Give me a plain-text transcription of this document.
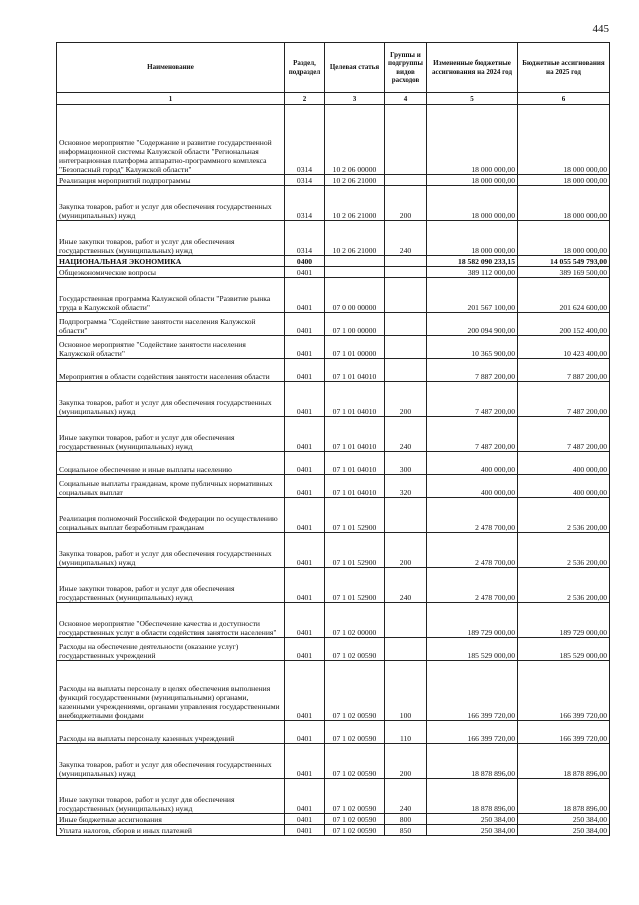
445
Наименование	Раздел, подраздел	Целевая статья	Группы и подгруппы видов расходов	Измененные бюджетные ассигнования на 2024 год	Бюджетные ассигнования на 2025 год
1	2	3	4	5	6
Основное мероприятие "Содержание и развитие государственной информационной системы Калужской области "Региональная интеграционная платформа аппаратно-программного комплекса "Безопасный город" Калужской области"	0314	10 2 06 00000		18 000 000,00	18 000 000,00
Реализация мероприятий подпрограммы	0314	10 2 06 21000		18 000 000,00	18 000 000,00
Закупка товаров, работ и услуг для обеспечения государственных (муниципальных) нужд	0314	10 2 06 21000	200	18 000 000,00	18 000 000,00
Иные закупки товаров, работ и услуг для обеспечения государственных (муниципальных) нужд	0314	10 2 06 21000	240	18 000 000,00	18 000 000,00
НАЦИОНАЛЬНАЯ ЭКОНОМИКА	0400			18 582 090 233,15	14 055 549 793,00
Общеэкономические вопросы	0401			389 112 000,00	389 169 500,00
Государственная программа Калужской области "Развитие рынка труда в Калужской области"	0401	07 0 00 00000		201 567 100,00	201 624 600,00
Подпрограмма "Содействие занятости населения Калужской области"	0401	07 1 00 00000		200 094 900,00	200 152 400,00
Основное мероприятие "Содействие занятости населения Калужской области"	0401	07 1 01 00000		10 365 900,00	10 423 400,00
Мероприятия в области содействия занятости населения области	0401	07 1 01 04010		7 887 200,00	7 887 200,00
Закупка товаров, работ и услуг для обеспечения государственных (муниципальных) нужд	0401	07 1 01 04010	200	7 487 200,00	7 487 200,00
Иные закупки товаров, работ и услуг для обеспечения государственных (муниципальных) нужд	0401	07 1 01 04010	240	7 487 200,00	7 487 200,00
Социальное обеспечение и иные выплаты населению	0401	07 1 01 04010	300	400 000,00	400 000,00
Социальные выплаты гражданам, кроме публичных нормативных социальных выплат	0401	07 1 01 04010	320	400 000,00	400 000,00
Реализация полномочий Российской Федерации по осуществлению социальных выплат безработным гражданам	0401	07 1 01 52900		2 478 700,00	2 536 200,00
Закупка товаров, работ и услуг для обеспечения государственных (муниципальных) нужд	0401	07 1 01 52900	200	2 478 700,00	2 536 200,00
Иные закупки товаров, работ и услуг для обеспечения государственных (муниципальных) нужд	0401	07 1 01 52900	240	2 478 700,00	2 536 200,00
Основное мероприятие "Обеспечение качества и доступности государственных услуг в области содействия занятости населения"	0401	07 1 02 00000		189 729 000,00	189 729 000,00
Расходы на обеспечение деятельности (оказание услуг) государственных учреждений	0401	07 1 02 00590		185 529 000,00	185 529 000,00
Расходы на выплаты персоналу в целях обеспечения выполнения функций государственными (муниципальными) органами, казенными учреждениями, органами управления государственными внебюджетными фондами	0401	07 1 02 00590	100	166 399 720,00	166 399 720,00
Расходы на выплаты персоналу казенных учреждений	0401	07 1 02 00590	110	166 399 720,00	166 399 720,00
Закупка товаров, работ и услуг для обеспечения государственных (муниципальных) нужд	0401	07 1 02 00590	200	18 878 896,00	18 878 896,00
Иные закупки товаров, работ и услуг для обеспечения государственных (муниципальных) нужд	0401	07 1 02 00590	240	18 878 896,00	18 878 896,00
Иные бюджетные ассигнования	0401	07 1 02 00590	800	250 384,00	250 384,00
Уплата налогов, сборов и иных платежей	0401	07 1 02 00590	850	250 384,00	250 384,00
